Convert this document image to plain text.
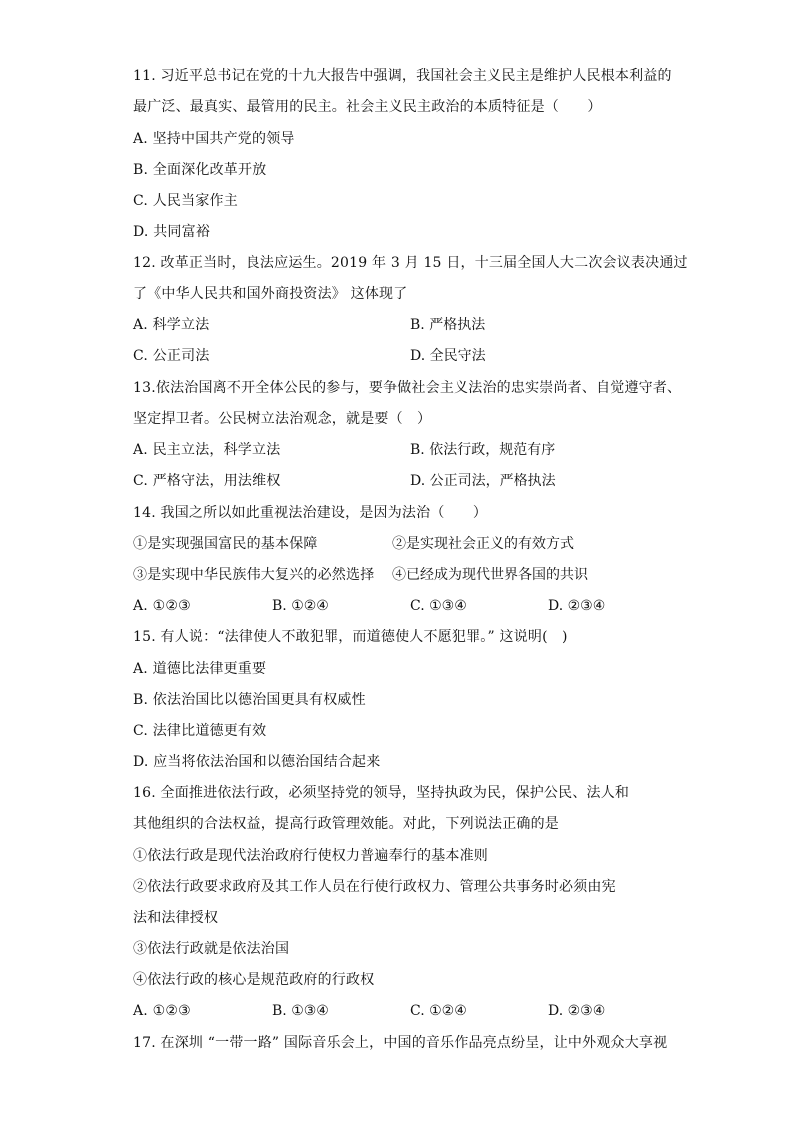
11. 习近平总书记在党的十九大报告中强调，我国社会主义民主是维护人民根本利益的
最广泛、最真实、最管用的民主。社会主义民主政治的本质特征是（　　）
A. 坚持中国共产党的领导
B. 全面深化改革开放
C. 人民当家作主
D. 共同富裕
12. 改革正当时，良法应运生。2019 年 3 月 15 日，十三届全国人大二次会议表决通过
了《中华人民共和国外商投资法》 这体现了
A. 科学立法	B. 严格执法
C. 公正司法	D. 全民守法
13.依法治国离不开全体公民的参与，要争做社会主义法治的忠实崇尚者、自觉遵守者、
坚定捍卫者。公民树立法治观念，就是要（　）
A. 民主立法，科学立法	B. 依法行政，规范有序
C. 严格守法，用法维权	D. 公正司法，严格执法
14. 我国之所以如此重视法治建设，是因为法治（　　）
①是实现强国富民的基本保障	②是实现社会正义的有效方式
③是实现中华民族伟大复兴的必然选择 ④已经成为现代世界各国的共识
A. ①②③	B. ①②④	C. ①③④	D. ②③④
15. 有人说：“法律使人不敢犯罪，而道德使人不愿犯罪。” 这说明(　)
A. 道德比法律更重要
B. 依法治国比以德治国更具有权威性
C. 法律比道德更有效
D. 应当将依法治国和以德治国结合起来
16. 全面推进依法行政，必须坚持党的领导，坚持执政为民，保护公民、法人和
其他组织的合法权益，提高行政管理效能。对此，下列说法正确的是
①依法行政是现代法治政府行使权力普遍奉行的基本准则
②依法行政要求政府及其工作人员在行使行政权力、管理公共事务时必须由宪
法和法律授权
③依法行政就是依法治国
④依法行政的核心是规范政府的行政权
A. ①②③	B. ①③④	C. ①②④	D. ②③④
17. 在深圳 “一带一路” 国际音乐会上，中国的音乐作品亮点纷呈，让中外观众大享视
